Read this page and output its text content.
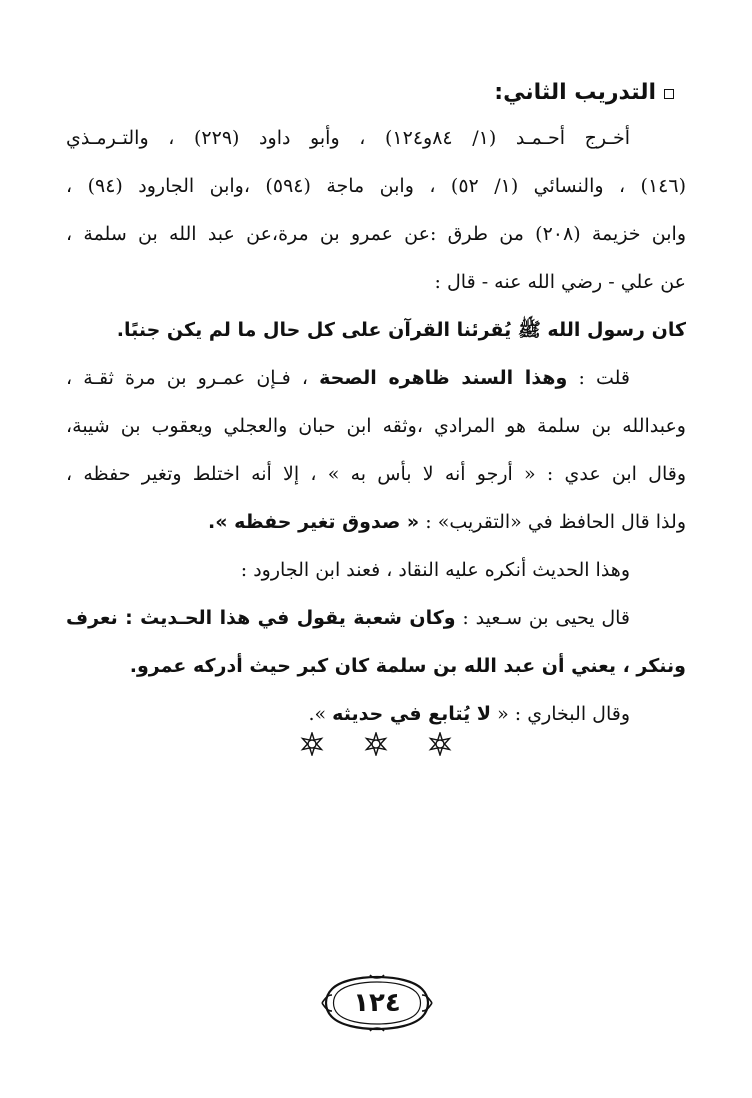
التدريب الثاني:
أخـرج أحـمـد (١/ ٨٤و١٢٤) ، وأبو داود (٢٢٩) ، والتـرمـذي
(١٤٦) ، والنسائي (١/ ٥٢) ، وابن ماجة (٥٩٤) ،وابن الجارود (٩٤) ،
وابن خزيمة (٢٠٨) من طرق :عن عمرو بن مرة،عن عبد الله بن سلمة ،
عن علي - رضي الله عنه - قال :
كان رسول الله ﷺ يُقرئنا القرآن على كل حال ما لم يكن جنبًا.
قلت : وهذا السند ظاهره الصحة ، فـإن عمـرو بن مرة ثقـة ،
وعبدالله بن سلمة هو المرادي ،وثقه ابن حبان والعجلي ويعقوب بن شيبة،
وقال ابن عدي : « أرجو أنه لا بأس به » ، إلا أنه اختلط وتغير حفظه ،
ولذا قال الحافظ في «التقريب» : « صدوق تغير حفظه ».
وهذا الحديث أنكره عليه النقاد ، فعند ابن الجارود :
قال يحيى بن سـعيد : وكان شعبة يقول في هذا الحـديث : نعرف
وننكر ، يعني أن عبد الله بن سلمة كان كبر حيث أدركه عمرو.
وقال البخاري : « لا يُتابع في حديثه ».
١٢٤
